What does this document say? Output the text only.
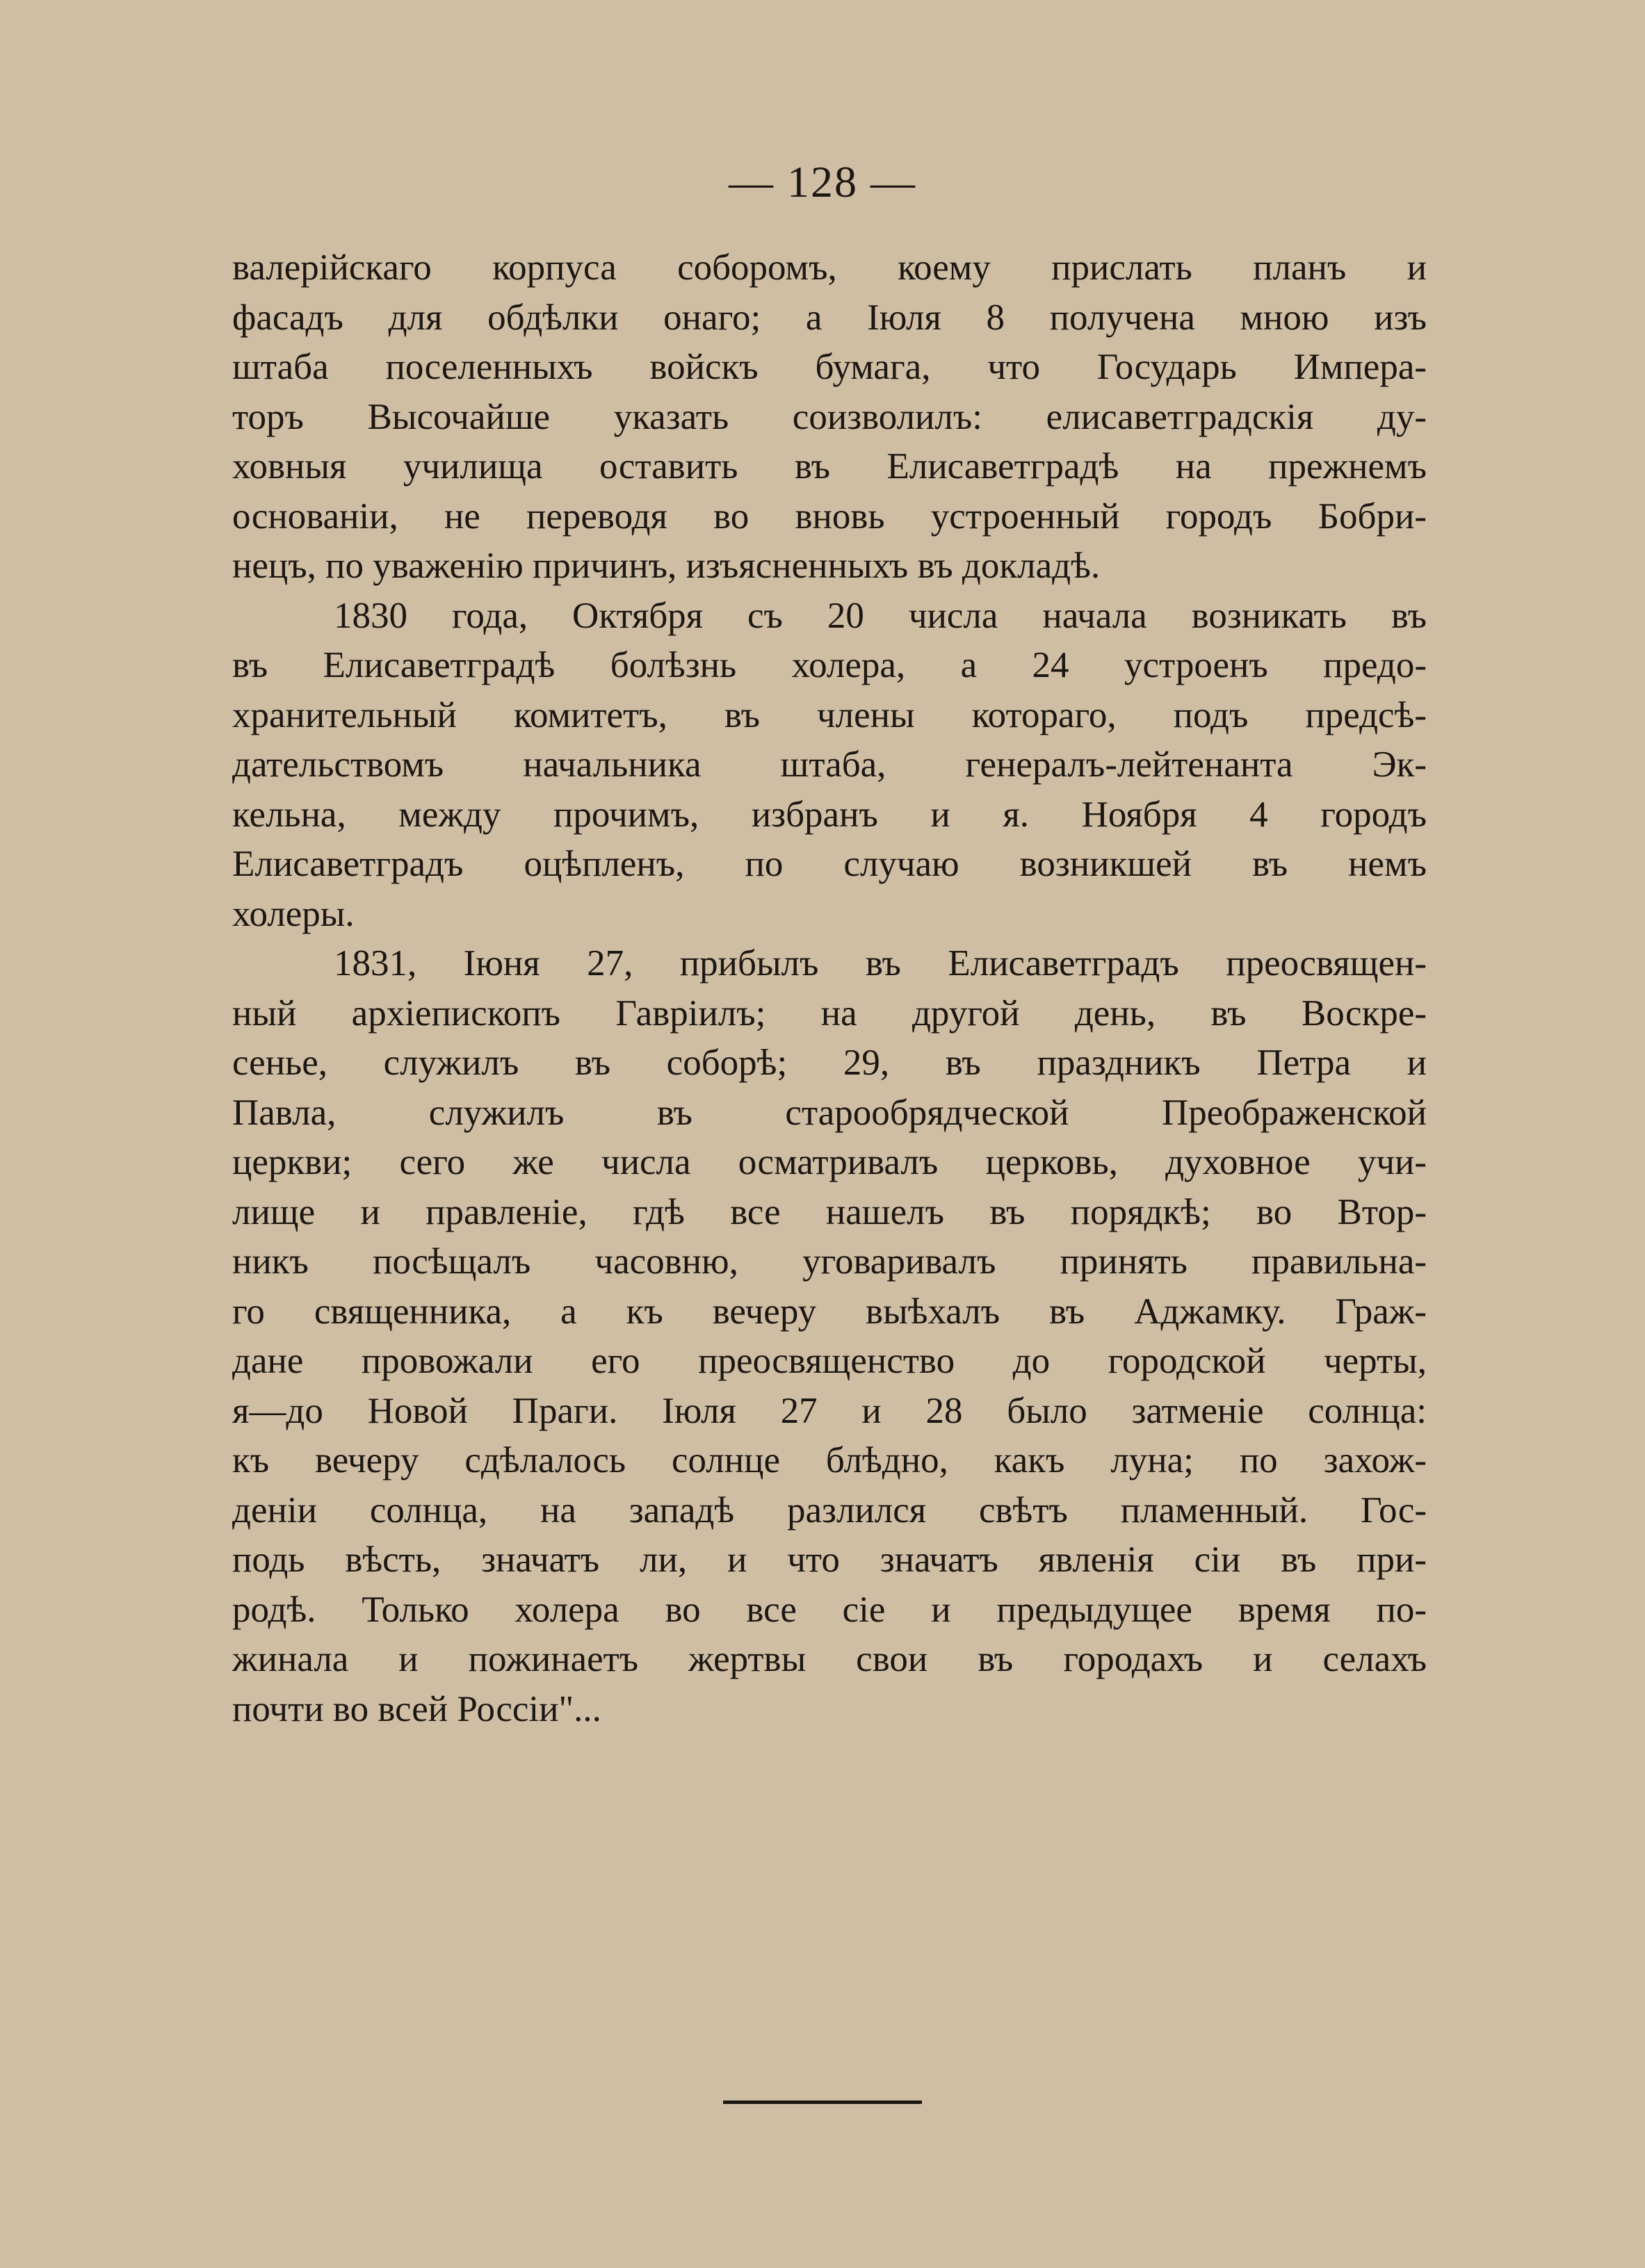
— 128 —

валерійскаго корпуса соборомъ, коему прислать планъ и
фасадъ для обдѣлки онаго; а Іюля 8 получена мною изъ
штаба поселенныхъ войскъ бумага, что Государь Импера-
торъ Высочайше указать соизволилъ: елисаветградскія ду-
ховныя училища оставить въ Елисаветградѣ на прежнемъ
основаніи, не переводя во вновь устроенный городъ Бобри-
нецъ, по уваженію причинъ, изъясненныхъ въ докладѣ.

1830 года, Октября съ 20 числа начала возникать въ
въ Елисаветградѣ болѣзнь холера, а 24 устроенъ предо-
хранительный комитетъ, въ члены котораго, подъ предсѣ-
дательствомъ начальника штаба, генералъ-лейтенанта Эк-
кельна, между прочимъ, избранъ и я. Ноября 4 городъ
Елисаветградъ оцѣпленъ, по случаю возникшей въ немъ
холеры.

1831, Іюня 27, прибылъ въ Елисаветградъ преосвящен-
ный архіепископъ Гавріилъ; на другой день, въ Воскре-
сенье, служилъ въ соборѣ; 29, въ праздникъ Петра и
Павла, служилъ въ старообрядческой Преображенской
церкви; сего же числа осматривалъ церковь, духовное учи-
лище и правленіе, гдѣ все нашелъ въ порядкѣ; во Втор-
никъ посѣщалъ часовню, уговаривалъ принять правильна-
го священника, а къ вечеру выѣхалъ въ Аджамку. Граж-
дане провожали его преосвященство до городской черты,
я—до Новой Праги. Іюля 27 и 28 было затменіе солнца:
къ вечеру сдѣлалось солнце блѣдно, какъ луна; по захож-
деніи солнца, на западѣ разлился свѣтъ пламенный. Гос-
подь вѣсть, значатъ ли, и что значатъ явленія сіи въ при-
родѣ. Только холера во все сіе и предыдущее время по-
жинала и пожинаетъ жертвы свои въ городахъ и селахъ
почти во всей Россіи"...
